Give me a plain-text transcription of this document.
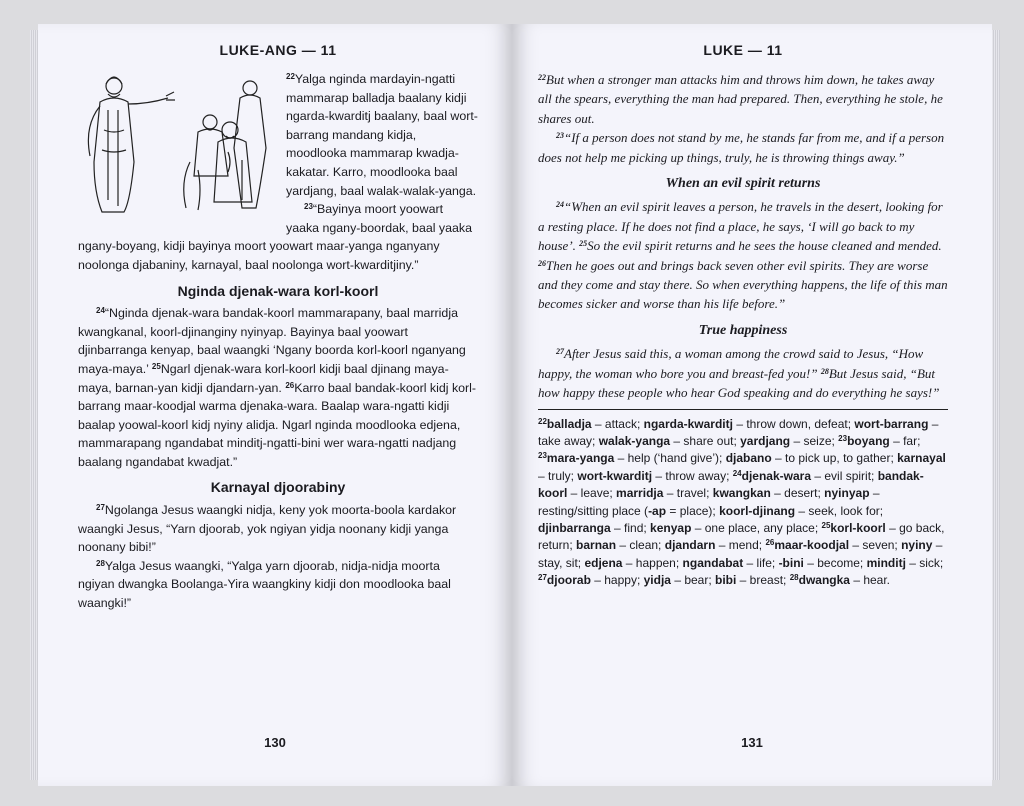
LUKE-ANG — 11

$^{22}$Yalga nginda mardayin-ngatti mammarap balladja baalany kidji ngarda-kwarditj baalany, baal wort-barrang mandang kidja, moodlooka mammarap kwadja-kakatar. Karro, moodlooka baal yardjang, baal walak-walak-yanga.

$^{23}$“Bayinya moort yoowart yaaka ngany-boordak, baal yaaka ngany-boyang, kidji bayinya moort yoowart maar-yanga nganyany noolonga djabaniny, karnayal, baal noolonga wort-kwarditjiny.”

Nginda djenak-wara korl-koorl

$^{24}$“Nginda djenak-wara bandak-koorl mammarapany, baal marridja kwangkanal, koorl-djinanginy nyinyap. Bayinya baal yoowart djinbarranga kenyap, baal waangki ‘Ngany boorda korl-koorl nganyang maya-maya.’ $^{25}$Ngarl djenak-wara korl-koorl kidji baal djinang maya-maya, barnan-yan kidji djandarn-yan. $^{26}$Karro baal bandak-koorl kidj korl-barrang maar-koodjal warma djenaka-wara. Baalap wara-ngatti kidji baalap yoowal-koorl kidj nyiny alidja. Ngarl nginda moodlooka edjena, mammarapang ngandabat minditj-ngatti-bini wer wara-ngatti nadjang baalang ngandabat kwadjat.”

Karnayal djoorabiny

$^{27}$Ngolanga Jesus waangki nidja, keny yok moorta-boola kardakor waangki Jesus, “Yarn djoorab, yok ngiyan yidja noonany kidji yanga noonany bibi!”

$^{28}$Yalga Jesus waangki, “Yalga yarn djoorab, nidja-nidja moorta ngiyan dwangka Boolanga-Yira waangkiny kidji don moodlooka baal waangki!”

130
LUKE — 11

$^{22}$But when a stronger man attacks him and throws him down, he takes away all the spears, everything the man had prepared. Then, everything he stole, he shares out.

$^{23}$“If a person does not stand by me, he stands far from me, and if a person does not help me picking up things, truly, he is throwing things away.”

When an evil spirit returns

$^{24}$“When an evil spirit leaves a person, he travels in the desert, looking for a resting place. If he does not find a place, he says, ‘I will go back to my house’. $^{25}$So the evil spirit returns and he sees the house cleaned and mended. $^{26}$Then he goes out and brings back seven other evil spirits. They are worse and they come and stay there. So when everything happens, the life of this man becomes sicker and worse than his life before.”

True happiness

$^{27}$After Jesus said this, a woman among the crowd said to Jesus, “How happy, the woman who bore you and breast-fed you!” $^{28}$But Jesus said, “But how happy these people who hear God speaking and do everything he says!”

$^{22}$balladja – attack; ngarda-kwarditj – throw down, defeat; wort-barrang – take away; walak-yanga – share out; yardjang – seize; $^{23}$boyang – far; $^{23}$mara-yanga – help (‘hand give’); djabano – to pick up, to gather; karnayal – truly; wort-kwarditj – throw away; $^{24}$djenak-wara – evil spirit; bandak-koorl – leave; marridja – travel; kwangkan – desert; nyinyap – resting/sitting place (-ap = place); koorl-djinang – seek, look for; djinbarranga – find; kenyap – one place, any place; $^{25}$korl-koorl – go back, return; barnan – clean; djandarn – mend; $^{26}$maar-koodjal – seven; nyiny – stay, sit; edjena – happen; ngandabat – life; -bini – become; minditj – sick; $^{27}$djoorab – happy; yidja – bear; bibi – breast; $^{28}$dwangka – hear.
131
